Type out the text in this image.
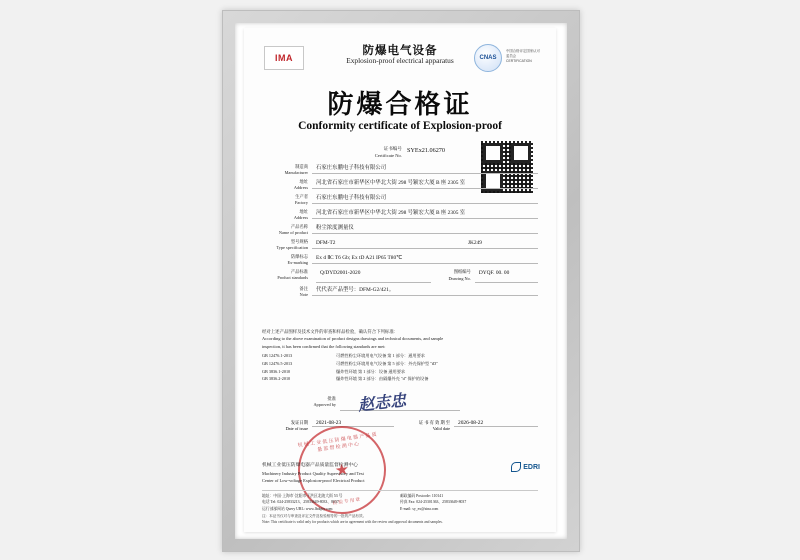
IMA	CNAS
中国合格评定国家认可委员会 CERTIFICATION
防爆电气设备
Explosion-proof electrical apparatus
防爆合格证
Conformity certificate of Explosion-proof
证书编号
Certificate No.
SYEx21.06270
制造商
Manufacturer
石家庄东鹏电子科技有限公司
地址
Address
河北省石家庄市新华区中华北大街 298 号颖宏大厦 B 座 2305 室
生产者
Factory
石家庄东鹏电子科技有限公司
地址
Address
河北省石家庄市新华区中华北大街 298 号颖宏大厦 B 座 2305 室
产品名称
Name of product
粉尘浓度测量仪
型号规格
Type specification
DFM-T2	JK249
防爆标志
Ex-marking
Ex d ⅡC T6 Gb; Ex tD A21 IP65 T80℃
产品标准
Product standards
Q/DYD2001-2020	图纸编号
Drawing No.
DYQF. 00. 00
备注
Note
代代表产品型号：DFM-G2/421。
经对上述产品图样及技术文件的审查和样品检验，确认符合下列标准：
According to the above examination of product designs drawings and technical documents, and sample
inspection, it has been confirmed that the following standards are met:
GB 12476.1-2013	可燃性粉尘环境用电气设备 第 1 部分：通用要求
GB 12476.5-2013	可燃性粉尘环境用电气设备 第 5 部分：外壳保护型 "tD"
GB 3836.1-2010	爆炸性环境 第 1 部分：设备 通用要求
GB 3836.2-2010	爆炸性环境 第 2 部分：由隔爆外壳 "d" 保护的设备
批准
Approved by 赵志忠
发证日期
Date of issue
2021-08-23	证 书 有 效 期 至
Valid date
2026-08-22
机械工业低压防爆电器产品质量监督检测中心
★
检 验 专 用 章
机械工业低压防爆电器产品质量监督检测中心
Machinery Industry Product Quality Supervisory and Test
Center of Low-voltage Explosion-proof Electrical Product
EDRI
地址：中国·上海市·沈阳市于洪区北陵大街 53 号
电话 Tel: 024-25833213、25833649-8033、8037
运行部部网站 Query URL: www.lbdqby.com
邮政编码 Postcode: 110141
传真 Fax: 024-25301363、25833649-8037
E-mail: sy_ex@sina.com
注：本证书仅对与审查及评定文件及检验相符的一批的产品有效。
Note: This certificate is valid only for products which are in agreement with the review and approval documents and samples.
